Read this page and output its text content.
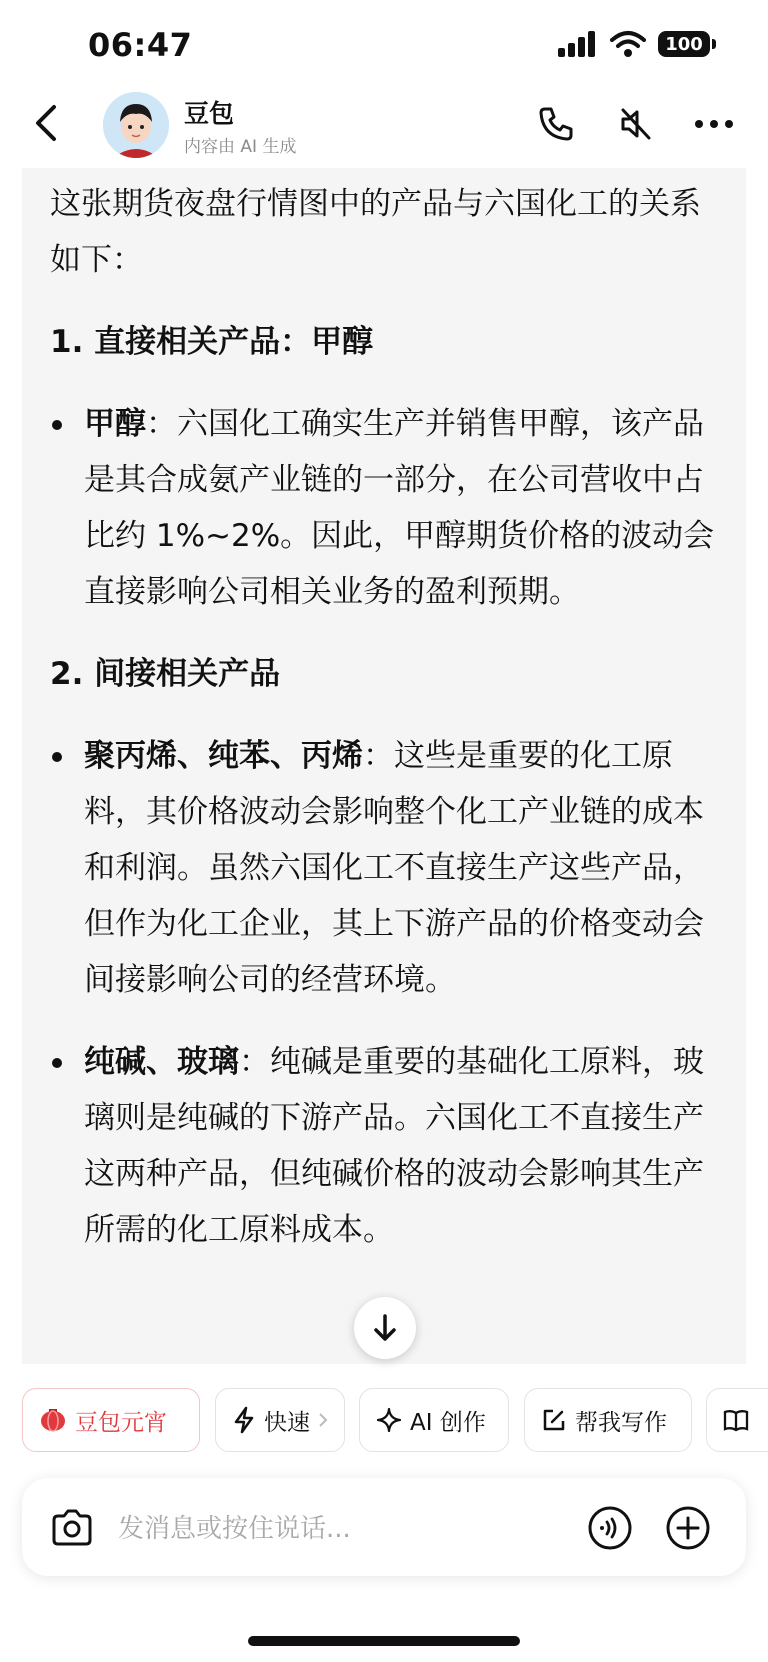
06:47	100
豆包
内容由 AI 生成

这张期货夜盘行情图中的产品与六国化工的关系如下：

1. 直接相关产品：甲醇

甲醇：六国化工确实生产并销售甲醇，该产品是其合成氨产业链的一部分，在公司营收中占比约 1%~2%。因此，甲醇期货价格的波动会直接影响公司相关业务的盈利预期。

2. 间接相关产品

聚丙烯、纯苯、丙烯：这些是重要的化工原料，其价格波动会影响整个化工产业链的成本和利润。虽然六国化工不直接生产这些产品，但作为化工企业，其上下游产品的价格变动会间接影响公司的经营环境。
纯碱、玻璃：纯碱是重要的基础化工原料，玻璃则是纯碱的下游产品。六国化工不直接生产这两种产品，但纯碱价格的波动会影响其生产所需的化工原料成本。
豆包元宵	快速	AI 创作	帮我写作
发消息或按住说话...
